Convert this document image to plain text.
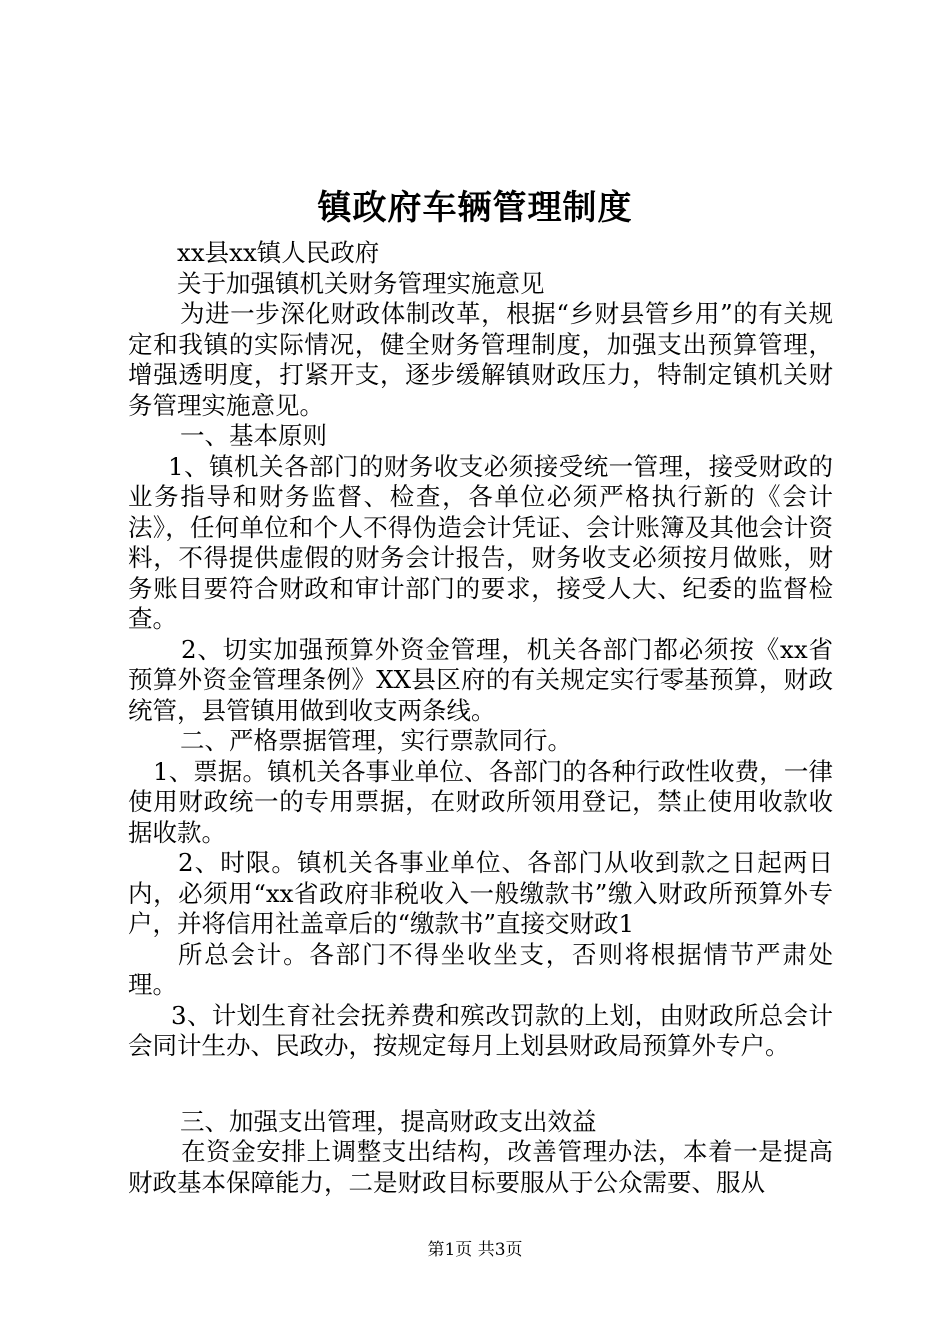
镇政府车辆管理制度

xx县xx镇人民政府

关于加强镇机关财务管理实施意见

为进一步深化财政体制改革，根据“乡财县管乡用”的有关规定和我镇的实际情况，健全财务管理制度，加强支出预算管理，增强透明度，打紧开支，逐步缓解镇财政压力，特制定镇机关财务管理实施意见。

一、基本原则

1、镇机关各部门的财务收支必须接受统一管理，接受财政的业务指导和财务监督、检查，各单位必须严格执行新的《会计法》，任何单位和个人不得伪造会计凭证、会计账簿及其他会计资料，不得提供虚假的财务会计报告，财务收支必须按月做账，财务账目要符合财政和审计部门的要求，接受人大、纪委的监督检查。

2、切实加强预算外资金管理，机关各部门都必须按《xx省预算外资金管理条例》XX县区府的有关规定实行零基预算，财政统管，县管镇用做到收支两条线。

二、严格票据管理，实行票款同行。

1、票据。镇机关各事业单位、各部门的各种行政性收费，一律使用财政统一的专用票据，在财政所领用登记，禁止使用收款收据收款。

2、时限。镇机关各事业单位、各部门从收到款之日起两日内，必须用“xx省政府非税收入一般缴款书”缴入财政所预算外专户，并将信用社盖章后的“缴款书”直接交财政1

所总会计。各部门不得坐收坐支，否则将根据情节严肃处理。

3、计划生育社会抚养费和殡改罚款的上划，由财政所总会计会同计生办、民政办，按规定每月上划县财政局预算外专户。

三、加强支出管理，提高财政支出效益

在资金安排上调整支出结构，改善管理办法，本着一是提高财政基本保障能力，二是财政目标要服从于公众需要、服从

第1页 共3页
